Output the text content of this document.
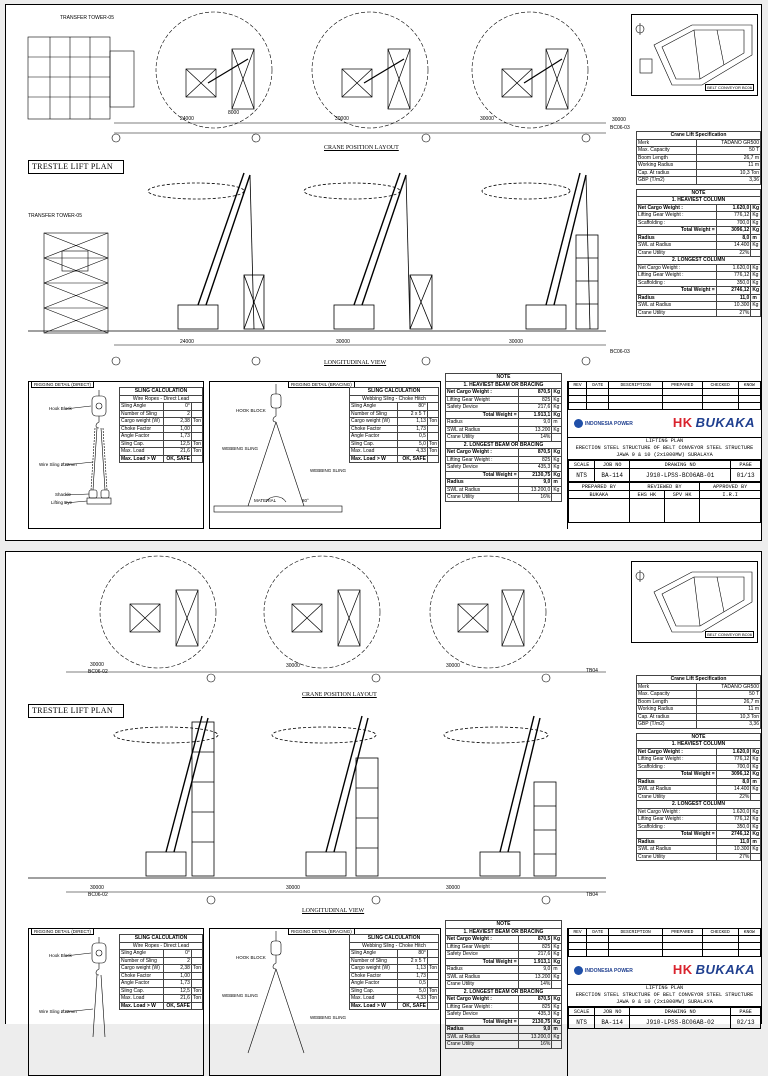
TRANSFER TOWER-05
TRANSFER TOWER-05
TRESTLE LIFT PLAN
CRANE POSITION LAYOUT
LONGITUDINAL VIEW
24000
8000
30000	30000	30000
BC06-03
24000	30000	30000
BC06-03
BELT CONVEYOR BC06
Crane Lift Specification	
Merk	TADANO GR500
Max. Capacity	50 T
Boom Length	26,7 m
Working Radius	11 m
Cap. At radius	10,3 Ton
GBP (T/m2)	3,36
NOTE		
1. HEAVIEST COLUMN		
Net Cargo Weight :	1.620,0	Kg
Lifting Gear Weight :	776,12	Kg
Scaffolding :	700,0	Kg
Total Weight =	3096,12	Kg
Radius	8,0	m
SWL at Radius	14.400	Kg
Crane Utility	22%	
2. LONGEST COLUMN		
Net Cargo Weight :	1.620,0	Kg
Lifting Gear Weight :	776,12	Kg
Scaffolding :	350,0	Kg
Total Weight =	2746,12	Kg
Radius	11,0	m
SWL at Radius	10.300	Kg
Crane Utility	27%	
RIGGING DETAIL (DIRECT)
Hook Block
Wire Sling Ø32mm
Shackle
Lifting Eye
SLING CALCULATION		
Wire Ropes - Direct Lead		
Sling Angle	0°	
Number of Sling	2	
Cargo weight (W)	2,38	Ton
Choke Factor	1,00	
Angle Factor	1,73	
Sling Cap.	12,5	Ton
Max. Load	21,6	Ton
Max. Load > W	OK, SAFE	
RIGGING DETAIL (BRACING)
HOOK BLOCK
WEBBING SLING
WEBBING SLING
MATERIAL	80°
SLING CALCULATION		
Webbing Sling - Choke Hitch		
Sling Angle	80°	
Number of Sling	2 x 5 T	
Cargo weight (W)	1,13	Ton
Choke Factor	1,73	
Angle Factor	0,5	
Sling Cap.	5,0	Ton
Max. Load	4,33	Ton
Max. Load > W	OK, SAFE	
NOTE		
1. HEAVIEST BEAM OR BRACING		
Net Cargo Weight :	870,5	Kg
Lifting Gear Weight	825	Kg
Safety Device	217,6	Kg
Total Weight =	1.913,1	Kg
Radius	9,0	m
SWL at Radius	13.200	Kg
Crane Utility	14%	
2. LONGEST BEAM OR BRACING		
Net Cargo Weight :	870,5	Kg
Lifting Gear Weight :	825	Kg
Safety Device	435,3	Kg
Total Weight =	2130,75	Kg
Radius	9,0	m
SWL at Radius	13.200,0	Kg
Crane Utility	16%	
REV	DATE	DESCRIPTION	PREPARED	CHECKED	KNOW

INDONESIA POWER	HK BUKAKA
LIFTING PLAN
ERECTION STEEL STRUCTURE OF BELT CONVEYOR STEEL STRUCTURE
JAWA 9 & 10 (2x1000MW) SURALAYA
SCALE	JOB NO	DRAWING NO	PAGE
NTS	BA-114	J910-LPSS-BC06AB-01	01/13
PREPARED BY	REVIEWED BY		APPROVED BY
BUKAKA	EHS HK	SPV HK	I.R.I

TRESTLE LIFT PLAN
CRANE POSITION LAYOUT
LONGITUDINAL VIEW
30000
BC06-02
30000	30000
TB04
30000
BC06-02
30000	30000
TB04
BELT CONVEYOR BC06
Crane Lift Specification	
Merk	TADANO GR500
Max. Capacity	50 T
Boom Length	26,7 m
Working Radius	11 m
Cap. At radius	10,3 Ton
GBP (T/m2)	3,36
NOTE		
1. HEAVIEST COLUMN		
Net Cargo Weight :	1.620,0	Kg
Lifting Gear Weight :	776,12	Kg
Scaffolding :	700,0	Kg
Total Weight =	3096,12	Kg
Radius	8,0	m
SWL at Radius	14.400	Kg
Crane Utility	22%	
2. LONGEST COLUMN		
Net Cargo Weight :	1.620,0	Kg
Lifting Gear Weight :	776,12	Kg
Scaffolding :	350,0	Kg
Total Weight =	2746,12	Kg
Radius	11,0	m
SWL at Radius	10.300	Kg
Crane Utility	27%	
RIGGING DETAIL (DIRECT)
Hook Block
Wire Sling Ø32mm
SLING CALCULATION		
Wire Ropes - Direct Lead		
Sling Angle	0°	
Number of Sling	2	
Cargo weight (W)	2,38	Ton
Choke Factor	1,00	
Angle Factor	1,73	
Sling Cap.	12,5	Ton
Max. Load	21,6	Ton
Max. Load > W	OK, SAFE	
RIGGING DETAIL (BRACING)
HOOK BLOCK
WEBBING SLING
WEBBING SLING
SLING CALCULATION		
Webbing Sling - Choke Hitch		
Sling Angle	80°	
Number of Sling	2 x 5 T	
Cargo weight (W)	1,13	Ton
Choke Factor	1,73	
Angle Factor	0,5	
Sling Cap.	5,0	Ton
Max. Load	4,33	Ton
Max. Load > W	OK, SAFE	
NOTE		
1. HEAVIEST BEAM OR BRACING		
Net Cargo Weight :	870,5	Kg
Lifting Gear Weight	825	Kg
Safety Device	217,6	Kg
Total Weight =	1.913,1	Kg
Radius	9,0	m
SWL at Radius	13.200	Kg
Crane Utility	14%	
2. LONGEST BEAM OR BRACING		
Net Cargo Weight :	870,5	Kg
Lifting Gear Weight :	825	Kg
Safety Device	435,3	Kg
Total Weight =	2130,75	Kg
Radius	9,0	m
SWL at Radius	13.200,0	Kg
Crane Utility	16%	
REV	DATE	DESCRIPTION	PREPARED	CHECKED	KNOW

INDONESIA POWER	HK BUKAKA
LIFTING PLAN
ERECTION STEEL STRUCTURE OF BELT CONVEYOR STEEL STRUCTURE
JAWA 9 & 10 (2x1000MW) SURALAYA
SCALE	JOB NO	DRAWING NO	PAGE
NTS	BA-114	J910-LPSS-BC06AB-02	02/13
